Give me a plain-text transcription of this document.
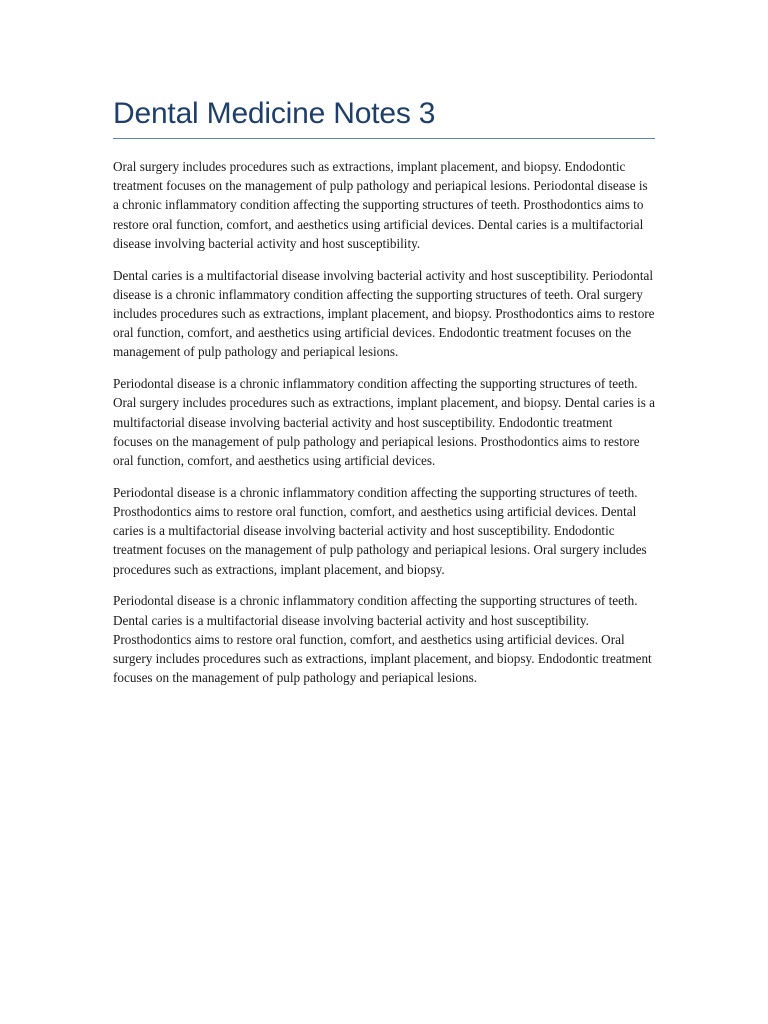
Dental Medicine Notes 3

Oral surgery includes procedures such as extractions, implant placement, and biopsy. Endodontic treatment focuses on the management of pulp pathology and periapical lesions. Periodontal disease is a chronic inflammatory condition affecting the supporting structures of teeth. Prosthodontics aims to restore oral function, comfort, and aesthetics using artificial devices. Dental caries is a multifactorial disease involving bacterial activity and host susceptibility.

Dental caries is a multifactorial disease involving bacterial activity and host susceptibility. Periodontal disease is a chronic inflammatory condition affecting the supporting structures of teeth. Oral surgery includes procedures such as extractions, implant placement, and biopsy. Prosthodontics aims to restore oral function, comfort, and aesthetics using artificial devices. Endodontic treatment focuses on the management of pulp pathology and periapical lesions.

Periodontal disease is a chronic inflammatory condition affecting the supporting structures of teeth. Oral surgery includes procedures such as extractions, implant placement, and biopsy. Dental caries is a multifactorial disease involving bacterial activity and host susceptibility. Endodontic treatment focuses on the management of pulp pathology and periapical lesions. Prosthodontics aims to restore oral function, comfort, and aesthetics using artificial devices.

Periodontal disease is a chronic inflammatory condition affecting the supporting structures of teeth. Prosthodontics aims to restore oral function, comfort, and aesthetics using artificial devices. Dental caries is a multifactorial disease involving bacterial activity and host susceptibility. Endodontic treatment focuses on the management of pulp pathology and periapical lesions. Oral surgery includes procedures such as extractions, implant placement, and biopsy.

Periodontal disease is a chronic inflammatory condition affecting the supporting structures of teeth. Dental caries is a multifactorial disease involving bacterial activity and host susceptibility. Prosthodontics aims to restore oral function, comfort, and aesthetics using artificial devices. Oral surgery includes procedures such as extractions, implant placement, and biopsy. Endodontic treatment focuses on the management of pulp pathology and periapical lesions.
